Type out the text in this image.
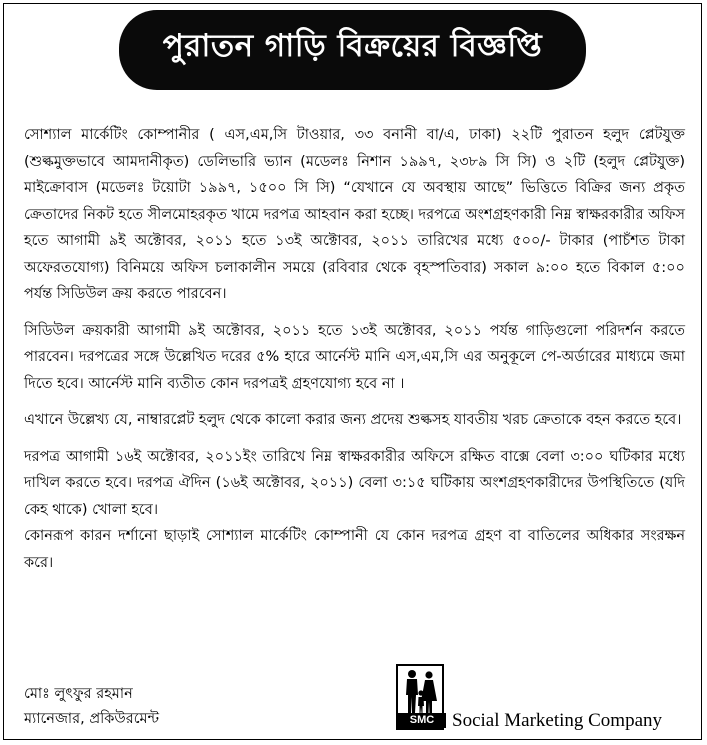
পুরাতন গাড়ি বিক্রয়ের বিজ্ঞপ্তি

সোশ্যাল মার্কেটিং কোম্পানীর ( এস,এম,সি টাওয়ার, ৩৩ বনানী বা/এ, ঢাকা) ২২টি পুরাতন হলুদ প্লেটযুক্ত (শুল্কমুক্তভাবে আমদানীকৃত) ডেলিভারি ভ্যান (মডেলঃ নিশান ১৯৯৭, ২৩৮৯ সি সি) ও ২টি (হলুদ প্লেটযুক্ত) মাইক্রোবাস (মডেলঃ টয়োটা ১৯৯৭, ১৫০০ সি সি) “যেখানে যে অবস্থায় আছে” ভিত্তিতে বিক্রির জন্য প্রকৃত ক্রেতাদের নিকট হতে সীলমোহরকৃত খামে দরপত্র আহবান করা হচ্ছে। দরপত্রে অংশগ্রহণকারী নিম্ন স্বাক্ষরকারীর অফিস হতে আগামী ৯ই অক্টোবর, ২০১১ হতে ১৩ই অক্টোবর, ২০১১ তারিখের মধ্যে ৫০০/- টাকার (পাচঁশত টাকা অফেরতযোগ্য) বিনিময়ে অফিস চলাকালীন সময়ে (রবিবার থেকে বৃহস্পতিবার) সকাল ৯:০০ হতে বিকাল ৫:০০ পর্যন্ত সিডিউল ক্রয় করতে পারবেন।

সিডিউল ক্রয়কারী আগামী ৯ই অক্টোবর, ২০১১ হতে ১৩ই অক্টোবর, ২০১১ পর্যন্ত গাড়িগুলো পরিদর্শন করতে পারবেন। দরপত্রের সঙ্গে উল্লেখিত দরের ৫% হারে আর্নেস্ট মানি এস,এম,সি এর অনুকূলে পে-অর্ডারের মাধ্যমে জমা দিতে হবে। আর্নেস্ট মানি ব্যতীত কোন দরপত্রই গ্রহণযোগ্য হবে না ।

এখানে উল্লেখ্য যে, নাম্বারপ্লেট হলুদ থেকে কালো করার জন্য প্রদেয় শুল্কসহ যাবতীয় খরচ ক্রেতাকে বহন করতে হবে।

দরপত্র আগামী ১৬ই অক্টোবর, ২০১১ইং তারিখে নিম্ন স্বাক্ষরকারীর অফিসে রক্ষিত বাক্সে বেলা ৩:০০ ঘটিকার মধ্যে দাখিল করতে হবে। দরপত্র ঐদিন (১৬ই অক্টোবর, ২০১১) বেলা ৩:১৫ ঘটিকায় অংশগ্রহণকারীদের উপস্থিতিতে (যদি কেহ থাকে) খোলা হবে।

কোনরূপ কারন দর্শানো ছাড়াই সোশ্যাল মার্কেটিং কোম্পানী যে কোন দরপত্র গ্রহণ বা বাতিলের অধিকার সংরক্ষন করে।

মোঃ লুৎফুর রহমান
ম্যানেজার, প্রকিউরমেন্ট	SMC Social Marketing Company
